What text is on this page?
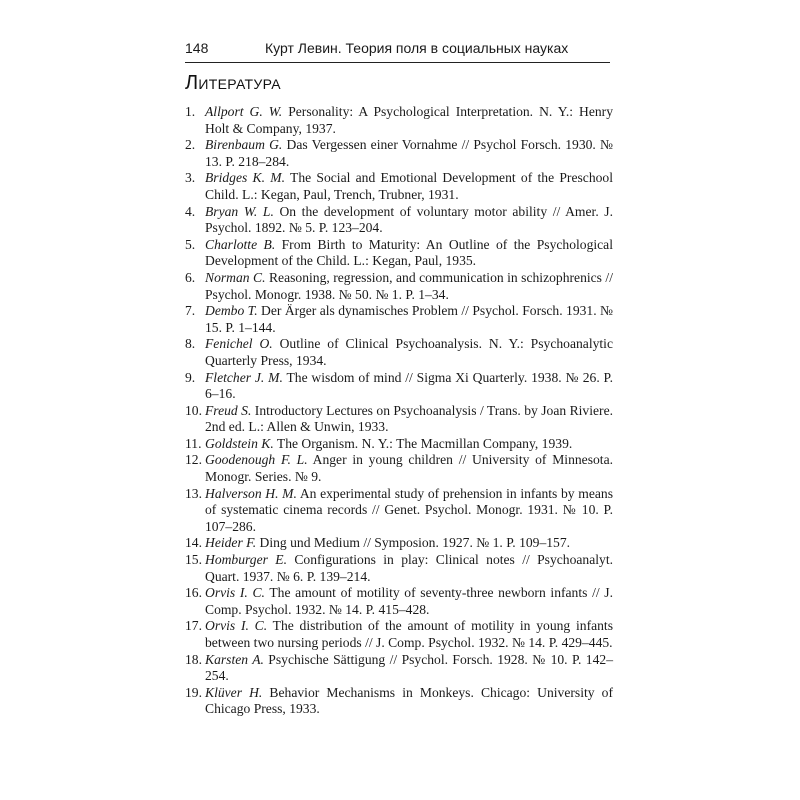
148	Курт Левин. Теория поля в социальных науках
Литература
1. Allport G. W. Personality: A Psychological Interpretation. N. Y.: Henry Holt & Company, 1937.
2. Birenbaum G. Das Vergessen einer Vornahme // Psychol Forsch. 1930. № 13. P. 218–284.
3. Bridges K. M. The Social and Emotional Development of the Preschool Child. L.: Kegan, Paul, Trench, Trubner, 1931.
4. Bryan W. L. On the development of voluntary motor ability // Amer. J. Psychol. 1892. № 5. P. 123–204.
5. Charlotte B. From Birth to Maturity: An Outline of the Psychological Development of the Child. L.: Kegan, Paul, 1935.
6. Norman C. Reasoning, regression, and communication in schizophrenics // Psychol. Monogr. 1938. № 50. № 1. P. 1–34.
7. Dembo T. Der Ärger als dynamisches Problem // Psychol. Forsch. 1931. № 15. P. 1–144.
8. Fenichel O. Outline of Clinical Psychoanalysis. N. Y.: Psychoanalytic Quarterly Press, 1934.
9. Fletcher J. M. The wisdom of mind // Sigma Xi Quarterly. 1938. № 26. P. 6–16.
10. Freud S. Introductory Lectures on Psychoanalysis / Trans. by Joan Riviere. 2nd ed. L.: Allen & Unwin, 1933.
11. Goldstein K. The Organism. N. Y.: The Macmillan Company, 1939.
12. Goodenough F. L. Anger in young children // University of Minnesota. Monogr. Series. № 9.
13. Halverson H. M. An experimental study of prehension in infants by means of systematic cinema records // Genet. Psychol. Monogr. 1931. № 10. P. 107–286.
14. Heider F. Ding und Medium // Symposion. 1927. № 1. P. 109–157.
15. Homburger E. Configurations in play: Clinical notes // Psychoanalyt. Quart. 1937. № 6. P. 139–214.
16. Orvis I. C. The amount of motility of seventy-three newborn infants // J. Comp. Psychol. 1932. № 14. P. 415–428.
17. Orvis I. C. The distribution of the amount of motility in young infants between two nursing periods // J. Comp. Psychol. 1932. № 14. P. 429–445.
18. Karsten A. Psychische Sättigung // Psychol. Forsch. 1928. № 10. P. 142–254.
19. Klüver H. Behavior Mechanisms in Monkeys. Chicago: University of Chicago Press, 1933.
